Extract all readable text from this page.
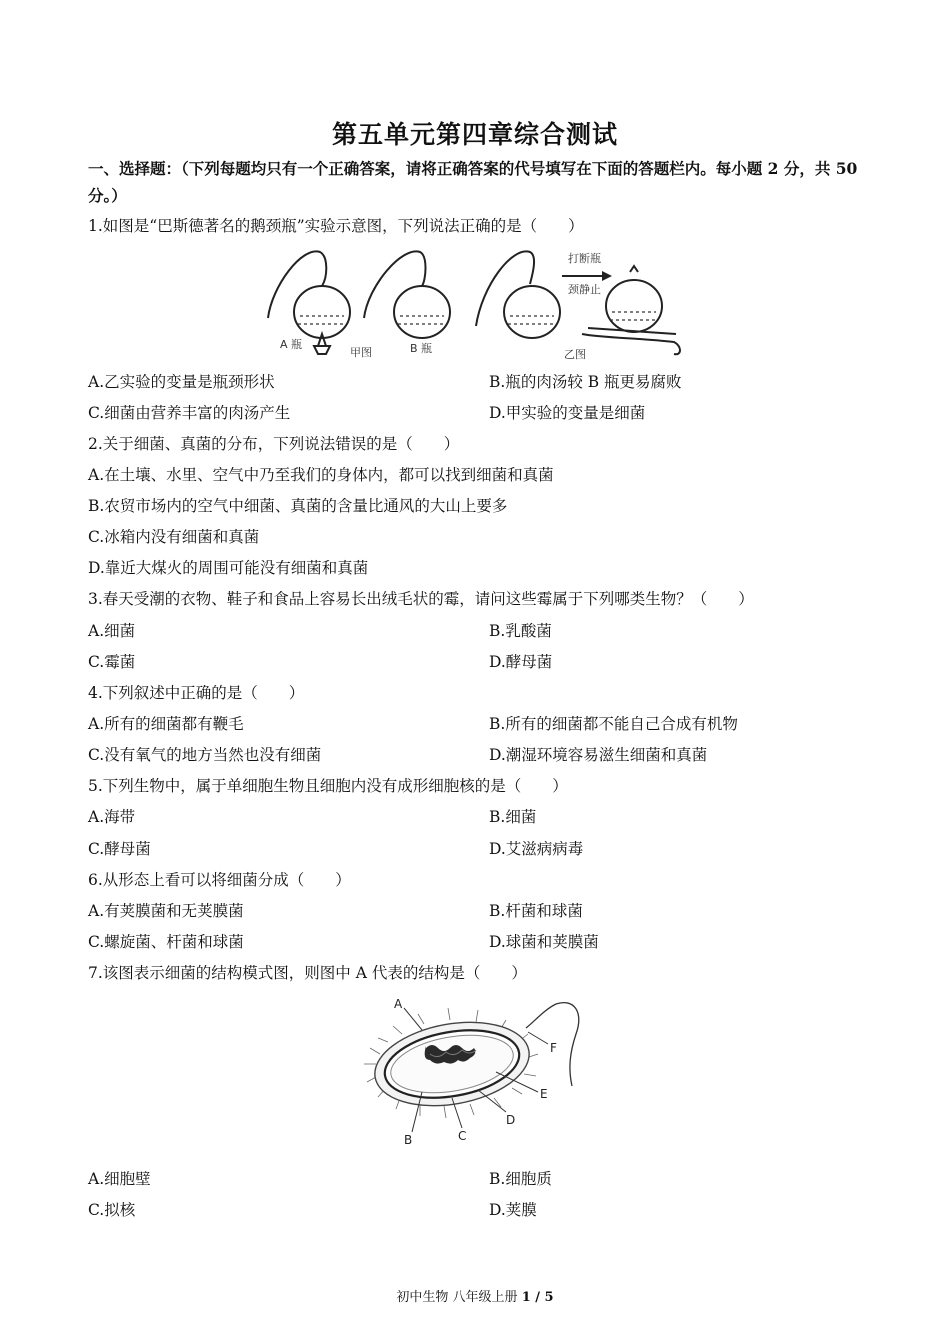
第五单元第四章综合测试
一、选择题：（下列每题均只有一个正确答案，请将正确答案的代号填写在下面的答题栏内。每小题 2 分，共 50 分。）
1.如图是“巴斯德著名的鹅颈瓶”实验示意图，下列说法正确的是（　　）
打断瓶
颈静止
A 瓶
甲图	B 瓶	乙图
A.乙实验的变量是瓶颈形状	B.瓶的肉汤较 B 瓶更易腐败
C.细菌由营养丰富的肉汤产生	D.甲实验的变量是细菌
2.关于细菌、真菌的分布，下列说法错误的是（　　）
A.在土壤、水里、空气中乃至我们的身体内，都可以找到细菌和真菌
B.农贸市场内的空气中细菌、真菌的含量比通风的大山上要多
C.冰箱内没有细菌和真菌
D.靠近大煤火的周围可能没有细菌和真菌
3.春天受潮的衣物、鞋子和食品上容易长出绒毛状的霉，请问这些霉属于下列哪类生物？（　　）
A.细菌	B.乳酸菌
C.霉菌	D.酵母菌
4.下列叙述中正确的是（　　）
A.所有的细菌都有鞭毛	B.所有的细菌都不能自己合成有机物
C.没有氧气的地方当然也没有细菌	D.潮湿环境容易滋生细菌和真菌
5.下列生物中，属于单细胞生物且细胞内没有成形细胞核的是（　　）
A.海带	B.细菌
C.酵母菌	D.艾滋病病毒
6.从形态上看可以将细菌分成（　　）
A.有荚膜菌和无荚膜菌	B.杆菌和球菌
C.螺旋菌、杆菌和球菌	D.球菌和荚膜菌
7.该图表示细菌的结构模式图，则图中 A 代表的结构是（　　）
A
B	C
D
E
F
A.细胞壁	B.细胞质
C.拟核	D.荚膜
初中生物 八年级上册 1 / 5
